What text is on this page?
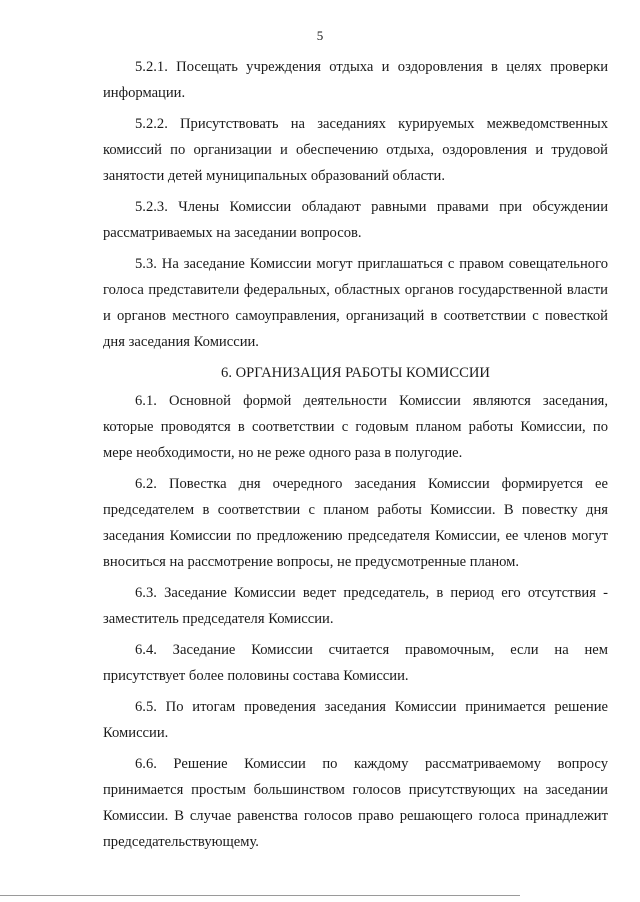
5

5.2.1. Посещать учреждения отдыха и оздоровления в целях проверки информации.

5.2.2. Присутствовать на заседаниях курируемых межведомственных комиссий по организации и обеспечению отдыха, оздоровления и трудовой занятости детей муниципальных образований области.

5.2.3. Члены Комиссии обладают равными правами при обсуждении рассматриваемых на заседании вопросов.

5.3. На заседание Комиссии могут приглашаться с правом совещательного голоса представители федеральных, областных органов государственной власти и органов местного самоуправления, организаций в соответствии с повесткой дня заседания Комиссии.

6. ОРГАНИЗАЦИЯ РАБОТЫ КОМИССИИ

6.1. Основной формой деятельности Комиссии являются заседания, которые проводятся в соответствии с годовым планом работы Комиссии, по мере необходимости, но не реже одного раза в полугодие.

6.2. Повестка дня очередного заседания Комиссии формируется ее председателем в соответствии с планом работы Комиссии. В повестку дня заседания Комиссии по предложению председателя Комиссии, ее членов могут вноситься на рассмотрение вопросы, не предусмотренные планом.

6.3. Заседание Комиссии ведет председатель, в период его отсутствия - заместитель председателя Комиссии.

6.4. Заседание Комиссии считается правомочным, если на нем присутствует более половины состава Комиссии.

6.5. По итогам проведения заседания Комиссии принимается решение Комиссии.

6.6. Решение Комиссии по каждому рассматриваемому вопросу принимается простым большинством голосов присутствующих на заседании Комиссии. В случае равенства голосов право решающего голоса принадлежит председательствующему.
